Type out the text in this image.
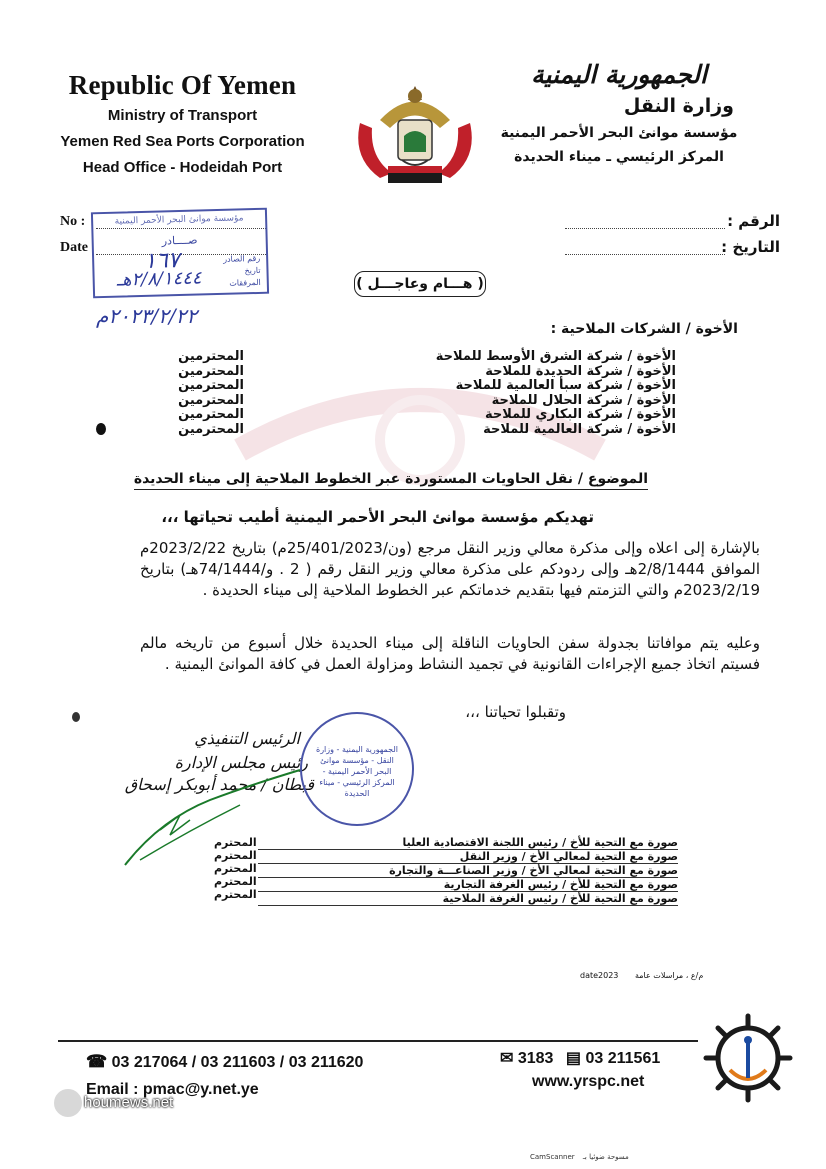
Republic Of Yemen
Ministry of Transport
Yemen Red Sea Ports Corporation
Head Office - Hodeidah Port
الجمهورية اليمنية
وزارة النقل
مؤسسة موانئ البحر الأحمر اليمنية
المركز الرئيسي ـ ميناء الحديدة
No :
Date
الرقم :
التاريخ :
مؤسسة موانئ البحر الأحمر اليمنية
صــــادر
رقم الصادر
تاريخ
المرفقات
١٦٧
٢/٨/١٤٤٤هـ
٢٠٢٣/٢/٢٢م
( هـــام وعاجـــل )
الأخوة / الشركات الملاحية :
الأخوة / شركة الشرق الأوسط للملاحة
الأخوة / شركة الحديدة للملاحة
الأخوة / شركة سبأ العالمية للملاحة
الأخوة / شركة الحلال للملاحة
الأخوة / شركة البكاري للملاحة
الأخوة / شركة العالمية للملاحة
المحترمين
المحترمين
المحترمين
المحترمين
المحترمين
المحترمين
الموضوع / نقل الحاويات المستوردة عبر الخطوط الملاحية إلى ميناء الحديدة
تهديكم مؤسسة موانئ البحر الأحمر اليمنية أطيب تحياتها ،،،
بالإشارة إلى اعلاه وإلى مذكرة معالي وزير النقل مرجع (ون/25/401/2023م) بتاريخ 2023/2/22م الموافق 2/8/1444هـ وإلى ردودكم على مذكرة معالي وزير النقل رقم ( 2 . و/74/1444هـ) بتاريخ 2023/2/19م والتي التزمتم فيها بتقديم خدماتكم عبر الخطوط الملاحية إلى ميناء الحديدة .
وعليه يتم موافاتنا بجدولة سفن الحاويات الناقلة إلى ميناء الحديدة خلال أسبوع من تاريخه مالم فسيتم اتخاذ جميع الإجراءات القانونية في تجميد النشاط ومزاولة العمل في كافة الموانئ اليمنية .
وتقبلوا تحياتنا ،،،
الرئيس التنفيذي
رئيس مجلس الإدارة
قبطان / محمد أبوبكر إسحاق
الجمهورية اليمنية - وزارة النقل - مؤسسة موانئ البحر الأحمر اليمنية - المركز الرئيسي - ميناء الحديدة
صورة مع التحية للأخ / رئيس اللجنة الاقتصادية العليا
صورة مع التحية لمعالي الأخ / وزير النقل
صورة مع التحية لمعالي الأخ / وزير الصناعـــة والتجارة
صورة مع التحية للأخ / رئيس الغرفة التجارية
صورة مع التحية للأخ / رئيس الغرفة الملاحية
المحترم
المحترم
المحترم
المحترم
المحترم
date2023 م/ع ، مراسلات عامة
☎ 03 217064 / 03 211603 / 03 211620	✉ 3183 ▤ 03 211561
Email : pmac@y.net.ye	www.yrspc.net
houmews.net
CamScanner مسوحة ضوئيا بـ
